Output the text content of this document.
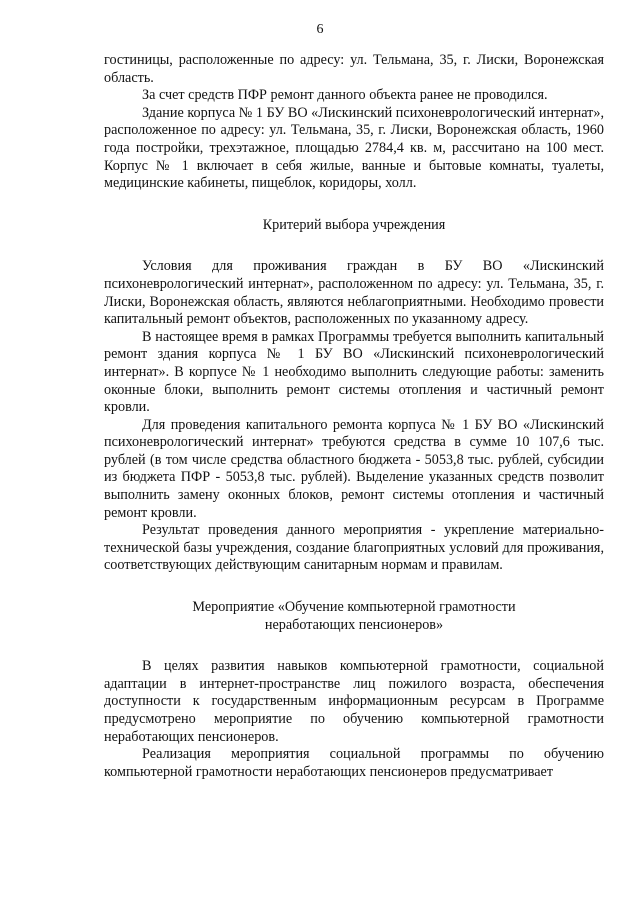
6

гостиницы, расположенные по адресу: ул. Тельмана, 35, г. Лиски, Воронежская область.

За счет средств ПФР ремонт данного объекта ранее не проводился.

Здание корпуса № 1 БУ ВО «Лискинский психоневрологический интернат», расположенное по адресу: ул. Тельмана, 35, г. Лиски, Воронежская область, 1960 года постройки, трехэтажное, площадью 2784,4 кв. м, рассчитано на 100 мест. Корпус № 1 включает в себя жилые, ванные и бытовые комнаты, туалеты, медицинские кабинеты, пищеблок, коридоры, холл.

Критерий выбора учреждения

Условия для проживания граждан в БУ ВО «Лискинский психоневрологический интернат», расположенном по адресу: ул. Тельмана, 35, г. Лиски, Воронежская область, являются неблагоприятными. Необходимо провести капитальный ремонт объектов, расположенных по указанному адресу.

В настоящее время в рамках Программы требуется выполнить капитальный ремонт здания корпуса № 1 БУ ВО «Лискинский психоневрологический интернат». В корпусе № 1 необходимо выполнить следующие работы: заменить оконные блоки, выполнить ремонт системы отопления и частичный ремонт кровли.

Для проведения капитального ремонта корпуса № 1 БУ ВО «Лискинский психоневрологический интернат» требуются средства в сумме 10 107,6 тыс. рублей (в том числе средства областного бюджета - 5053,8 тыс. рублей, субсидии из бюджета ПФР - 5053,8 тыс. рублей). Выделение указанных средств позволит выполнить замену оконных блоков, ремонт системы отопления и частичный ремонт кровли.

Результат проведения данного мероприятия - укрепление материально-технической базы учреждения, создание благоприятных условий для проживания, соответствующих действующим санитарным нормам и правилам.

Мероприятие «Обучение компьютерной грамотности

неработающих пенсионеров»

В целях развития навыков компьютерной грамотности, социальной адаптации в интернет-пространстве лиц пожилого возраста, обеспечения доступности к государственным информационным ресурсам в Программе предусмотрено мероприятие по обучению компьютерной грамотности неработающих пенсионеров.

Реализация мероприятия социальной программы по обучению компьютерной грамотности неработающих пенсионеров предусматривает
